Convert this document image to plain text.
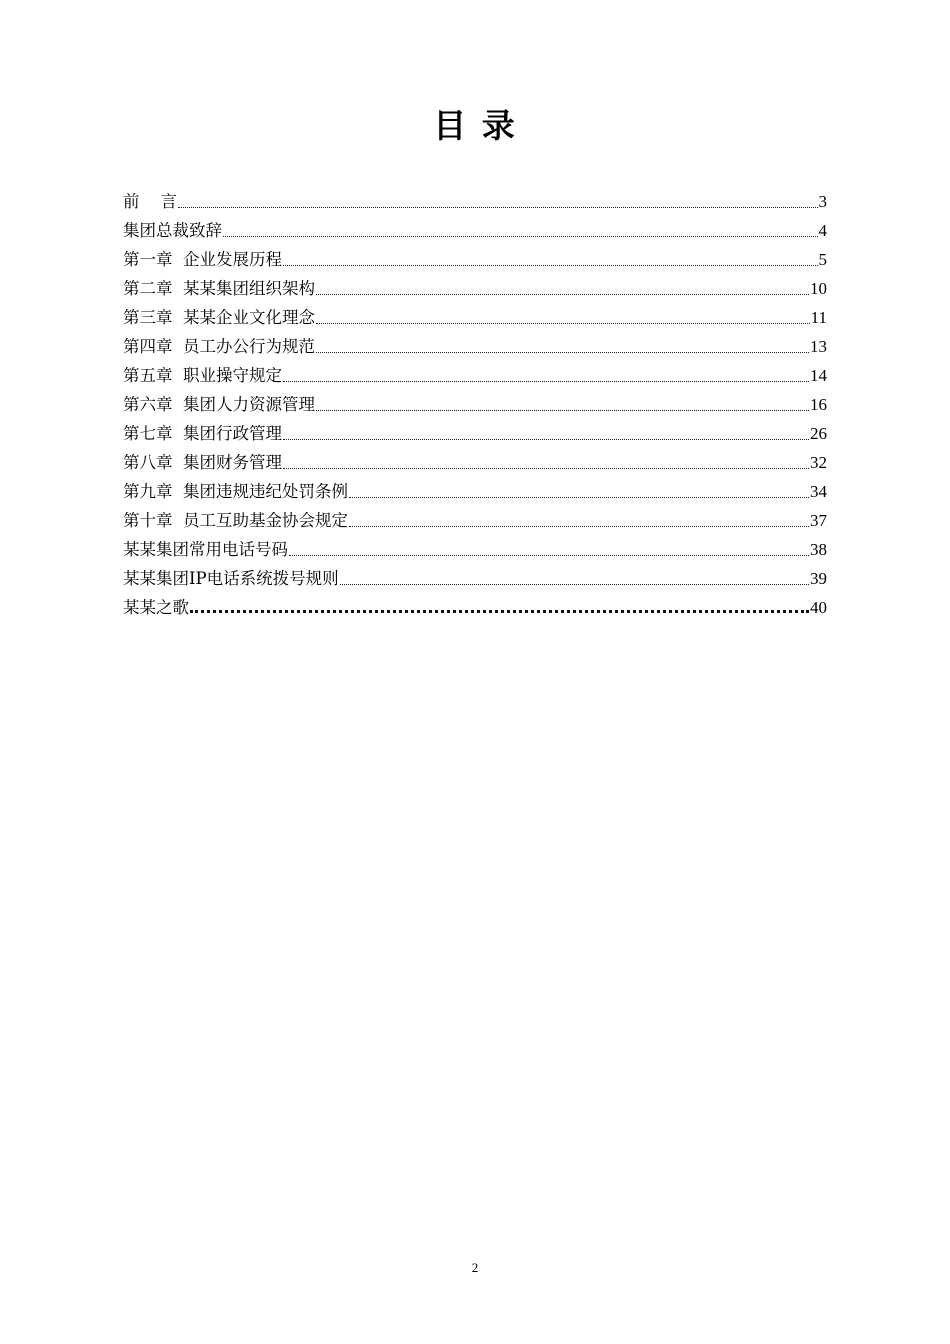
目 录
前    言	3
集团总裁致辞	4
第一章  企业发展历程	5
第二章  某某集团组织架构	10
第三章  某某企业文化理念	11
第四章  员工办公行为规范	13
第五章  职业操守规定	14
第六章  集团人力资源管理	16
第七章  集团行政管理	26
第八章  集团财务管理	32
第九章  集团违规违纪处罚条例	34
第十章  员工互助基金协会规定	37
某某集团常用电话号码	38
某某集团IP电话系统拨号规则	39
某某之歌	40
2
